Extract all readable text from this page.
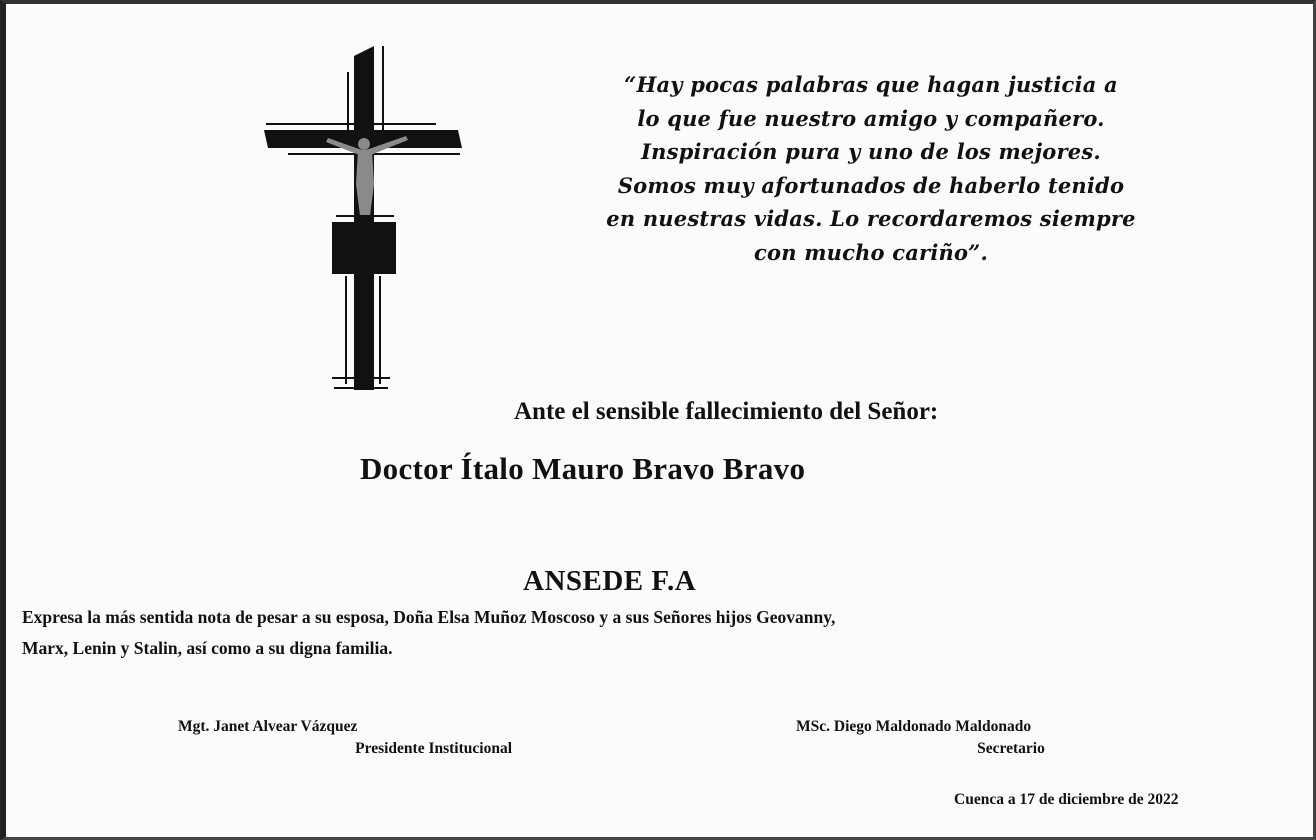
“Hay pocas palabras que hagan justicia a
lo que fue nuestro amigo y compañero.
Inspiración pura y uno de los mejores.
Somos muy afortunados de haberlo tenido
en nuestras vidas. Lo recordaremos siempre
con mucho cariño”.
Ante el sensible fallecimiento del Señor:
Doctor Ítalo Mauro Bravo Bravo
ANSEDE F.A
Expresa la más sentida nota de pesar a su esposa, Doña Elsa Muñoz Moscoso y a sus Señores hijos Geovanny,
Marx, Lenin y Stalin, así como a su digna familia.
Mgt. Janet Alvear Vázquez
Presidente Institucional
MSc. Diego Maldonado Maldonado
Secretario
Cuenca a 17 de diciembre de 2022
